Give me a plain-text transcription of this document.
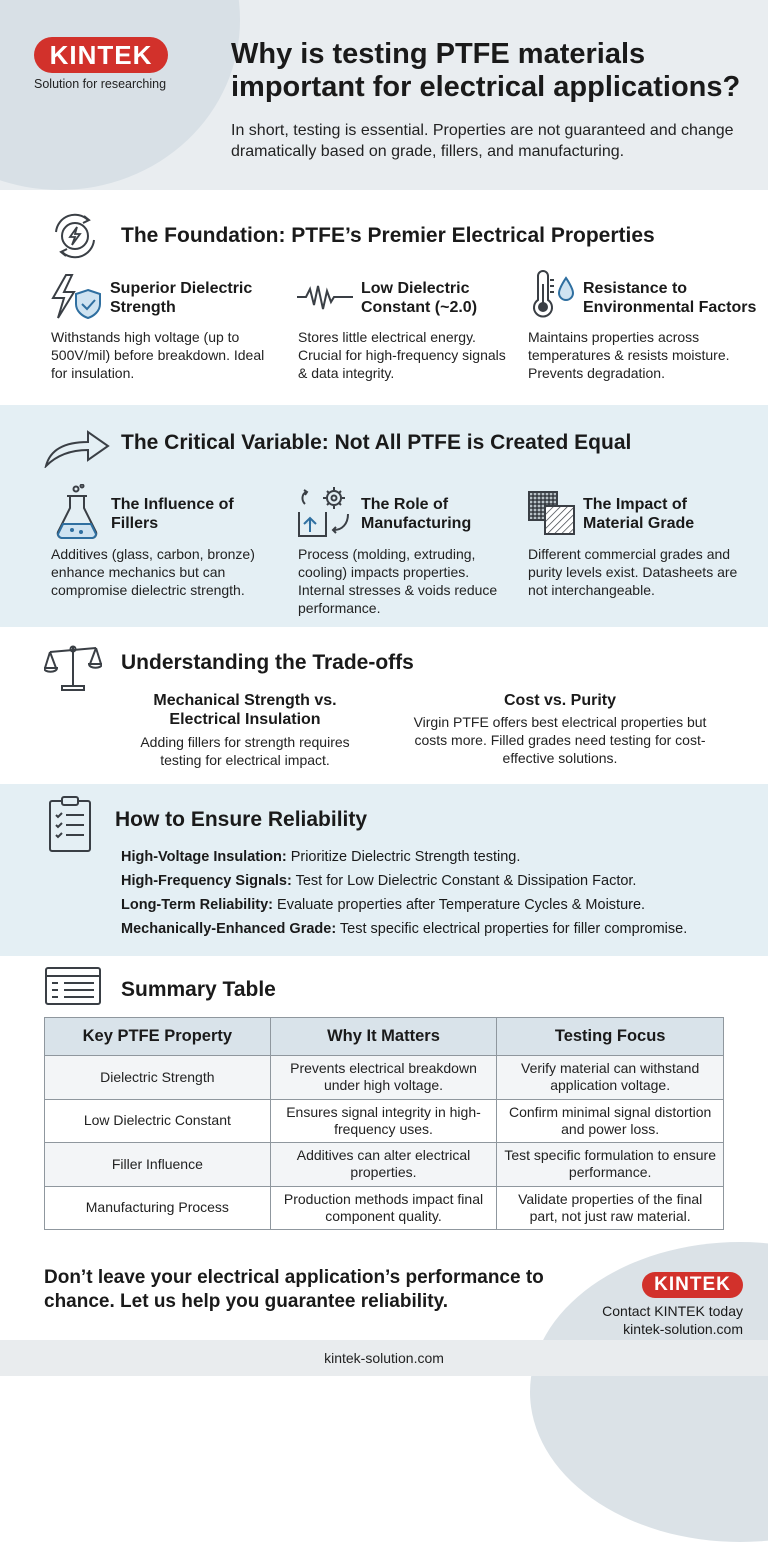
KINTEK
Solution for researching
Why is testing PTFE materials important for electrical applications?
In short, testing is essential. Properties are not guaranteed and change dramatically based on grade, fillers, and manufacturing.
The Foundation: PTFE’s Premier Electrical Properties
Superior Dielectric Strength
Withstands high voltage (up to 500V/mil) before breakdown. Ideal for insulation.
Low Dielectric Constant (~2.0)
Stores little electrical energy. Crucial for high-frequency signals & data integrity.
Resistance to Environmental Factors
Maintains properties across temperatures & resists moisture. Prevents degradation.
The Critical Variable: Not All PTFE is Created Equal
The Influence of Fillers
Additives (glass, carbon, bronze) enhance mechanics but can compromise dielectric strength.
The Role of Manufacturing
Process (molding, extruding, cooling) impacts properties. Internal stresses & voids reduce performance.
The Impact of Material Grade
Different commercial grades and purity levels exist. Datasheets are not interchangeable.
Understanding the Trade-offs
Mechanical Strength vs. Electrical Insulation
Adding fillers for strength requires testing for electrical impact.
Cost vs. Purity
Virgin PTFE offers best electrical properties but costs more. Filled grades need testing for cost-effective solutions.
How to Ensure Reliability
High-Voltage Insulation: Prioritize Dielectric Strength testing.
High-Frequency Signals: Test for Low Dielectric Constant & Dissipation Factor.
Long-Term Reliability: Evaluate properties after Temperature Cycles & Moisture.
Mechanically-Enhanced Grade: Test specific electrical properties for filler compromise.
Summary Table
Key PTFE Property	Why It Matters	Testing Focus
Dielectric Strength	Prevents electrical breakdown under high voltage.	Verify material can withstand application voltage.
Low Dielectric Constant	Ensures signal integrity in high-frequency uses.	Confirm minimal signal distortion and power loss.
Filler Influence	Additives can alter electrical properties.	Test specific formulation to ensure performance.
Manufacturing Process	Production methods impact final component quality.	Validate properties of the final part, not just raw material.
Don’t leave your electrical application’s performance to chance. Let us help you guarantee reliability.
KINTEK
Contact KINTEK today
kintek-solution.com
kintek-solution.com
